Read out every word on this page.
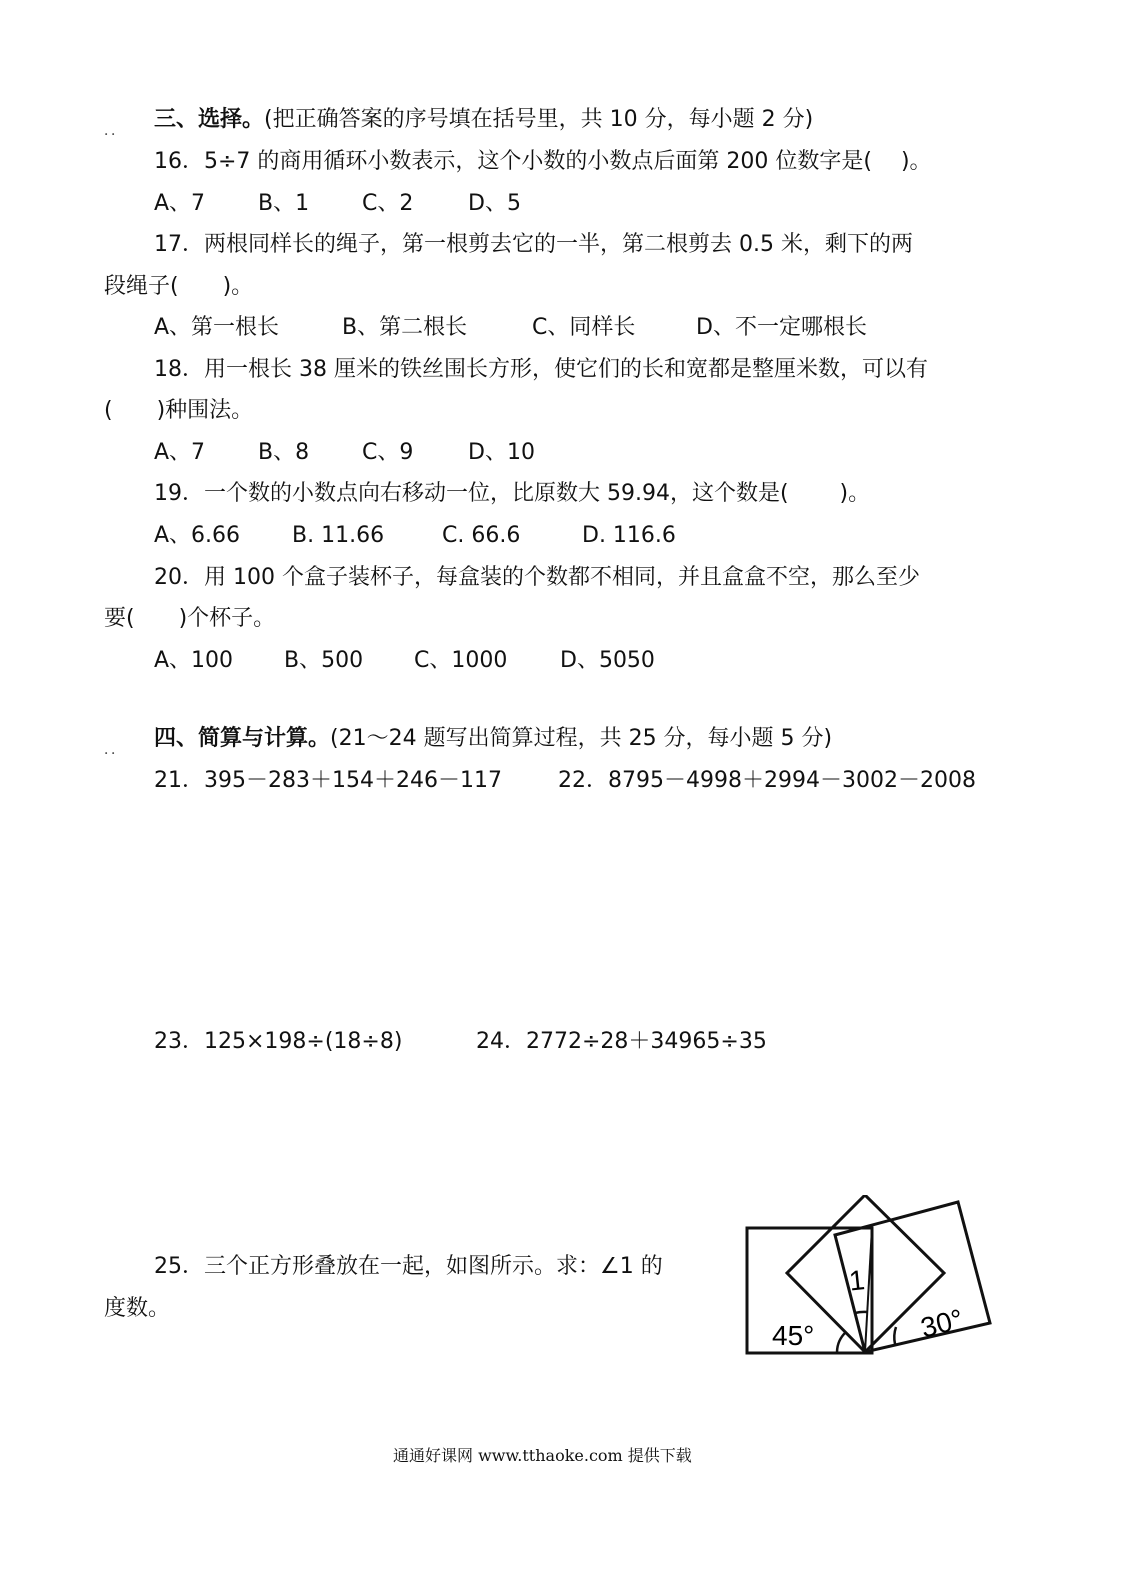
．． 三、选择。(把正确答案的序号填在括号里，共 10 分，每小题 2 分)
16．5÷7 的商用循环小数表示，这个小数的小数点后面第 200 位数字是(　 )。
A、7 B、1 C、2 D、5
17．两根同样长的绳子，第一根剪去它的一半，第二根剪去 0.5 米，剩下的两
段绳子(　　)。
A、第一根长	B、第二根长	C、同样长	D、不一定哪根长
18．用一根长 38 厘米的铁丝围长方形，使它们的长和宽都是整厘米数，可以有
(　　)种围法。
A、7 B、8 C、9 D、10
19．一个数的小数点向右移动一位，比原数大 59.94，这个数是(　　 )。
A、6.66 B. 11.66	C. 66.6	D. 116.6
20．用 100 个盒子装杯子，每盒装的个数都不相同，并且盒盒不空，那么至少
要(　　)个杯子。
A、100 B、500 C、1000 D、5050
．． 四、简算与计算。(21～24 题写出简算过程，共 25 分，每小题 5 分)
21．395－283＋154＋246－117	22．8795－4998＋2994－3002－2008
23．125×198÷(18÷8)	24．2772÷28＋34965÷35
25．三个正方形叠放在一起，如图所示。求：∠1 的
度数。
45°
1
30°
通通好课网 www.tthaoke.com 提供下载
